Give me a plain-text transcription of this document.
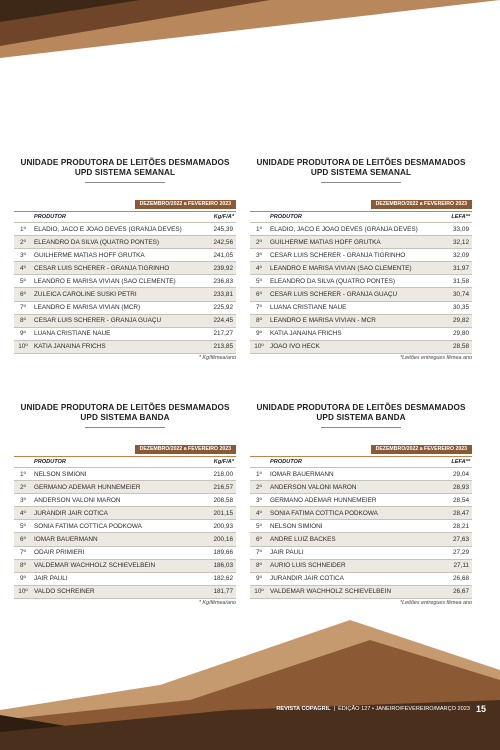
UNIDADE PRODUTORA DE LEITÕES DESMAMADOS
UPD SISTEMA SEMANAL
DEZEMBRO/2022 a FEVEREIRO 2023
PRODUTOR	Kg/F/A*
1º	ELADIO, JACÓ E JOÃO DEVES (GRANJA DEVES)	245,39
2º	ELEANDRO DA SILVA (QUATRO PONTES)	242,56
3º	GUILHERME MATIAS HOFF GRUTKA	241,05
4º	CESAR LUIS SCHERER - GRANJA TIGRINHO	239,92
5º	LEANDRO E MARISA VIVIAN (SÃO CLEMENTE)	236,83
6º	ZULEICA CAROLINE SUSKI PETRI	233,81
7º	LEANDRO E MARISA VIVIAN (MCR)	225,92
8º	CESAR LUIS SCHERER - GRANJA GUAÇU	224,45
9º	LUANA CRISTIANE NAUE	217,27
10º KATIA JANAINA FRICHS	213,85
* Kg/fêmea/ano
UNIDADE PRODUTORA DE LEITÕES DESMAMADOS
UPD SISTEMA SEMANAL
DEZEMBRO/2022 a FEVEREIRO 2023
PRODUTOR	LEFA**
1º	ELADIO, JACÓ E JOÃO DEVES (GRANJA DEVES)	33,09
2º	GUILHERME MATIAS HOFF GRUTKA	32,12
3º	CESAR LUIS SCHERER - GRANJA TIGRINHO	32,09
4º	LEANDRO E MARISA VIVIAN (SÃO CLEMENTE)	31,97
5º	ELEANDRO DA SILVA (QUATRO PONTES)	31,58
6º	CESAR LUIS SCHERER - GRANJA GUAÇU	30,74
7º	LUANA CRISTIANE NAUE	30,35
8º	LEANDRO E MARISA VIVIAN - MCR	29,82
9º	KATIA JANAINA FRICHS	29,80
10º JOAO IVO HECK	28,58
*Leitões entregues fêmea ano
UNIDADE PRODUTORA DE LEITÕES DESMAMADOS
UPD SISTEMA BANDA
DEZEMBRO/2022 a FEVEREIRO 2023
PRODUTOR	Kg/F/A*
1º	NELSON SIMIONI	218,00
2º	GERMANO ADEMAR HUNNEMEIER	216,57
3º	ANDERSON VALONI MARON	208,58
4º	JURANDIR JAIR COTICA	201,15
5º	SONIA FATIMA COTTICA PODKOWA	200,93
6º	IOMAR BAUERMANN	200,16
7º	ODAIR PRIMIERI	189,66
8º	VALDEMAR WACHHOLZ SCHIEVELBEIN	186,03
9º	JAIR PAULI	182,62
10º VALDO SCHREINER	181,77
* Kg/fêmea/ano
UNIDADE PRODUTORA DE LEITÕES DESMAMADOS
UPD SISTEMA BANDA
DEZEMBRO/2022 a FEVEREIRO 2023
PRODUTOR	LEFA**
1º	IOMAR BAUERMANN	29,04
2º	ANDERSON VALONI MARON	28,93
3º	GERMANO ADEMAR HUNNEMEIER	28,54
4º	SONIA FATIMA COTTICA PODKOWA	28,47
5º	NELSON SIMIONI	28,21
6º	ANDRE LUIZ BACKES	27,63
7º	JAIR PAULI	27,29
8º	AURIO LUIS SCHNEIDER	27,11
9º	JURANDIR JAIR COTICA	26,68
10º VALDEMAR WACHHOLZ SCHIEVELBEIN	26,67
*Leitões entregues fêmea ano
REVISTA COPAGRIL | EDIÇÃO 127 • JANEIRO/FEVEREIRO/MARÇO 2023 15
